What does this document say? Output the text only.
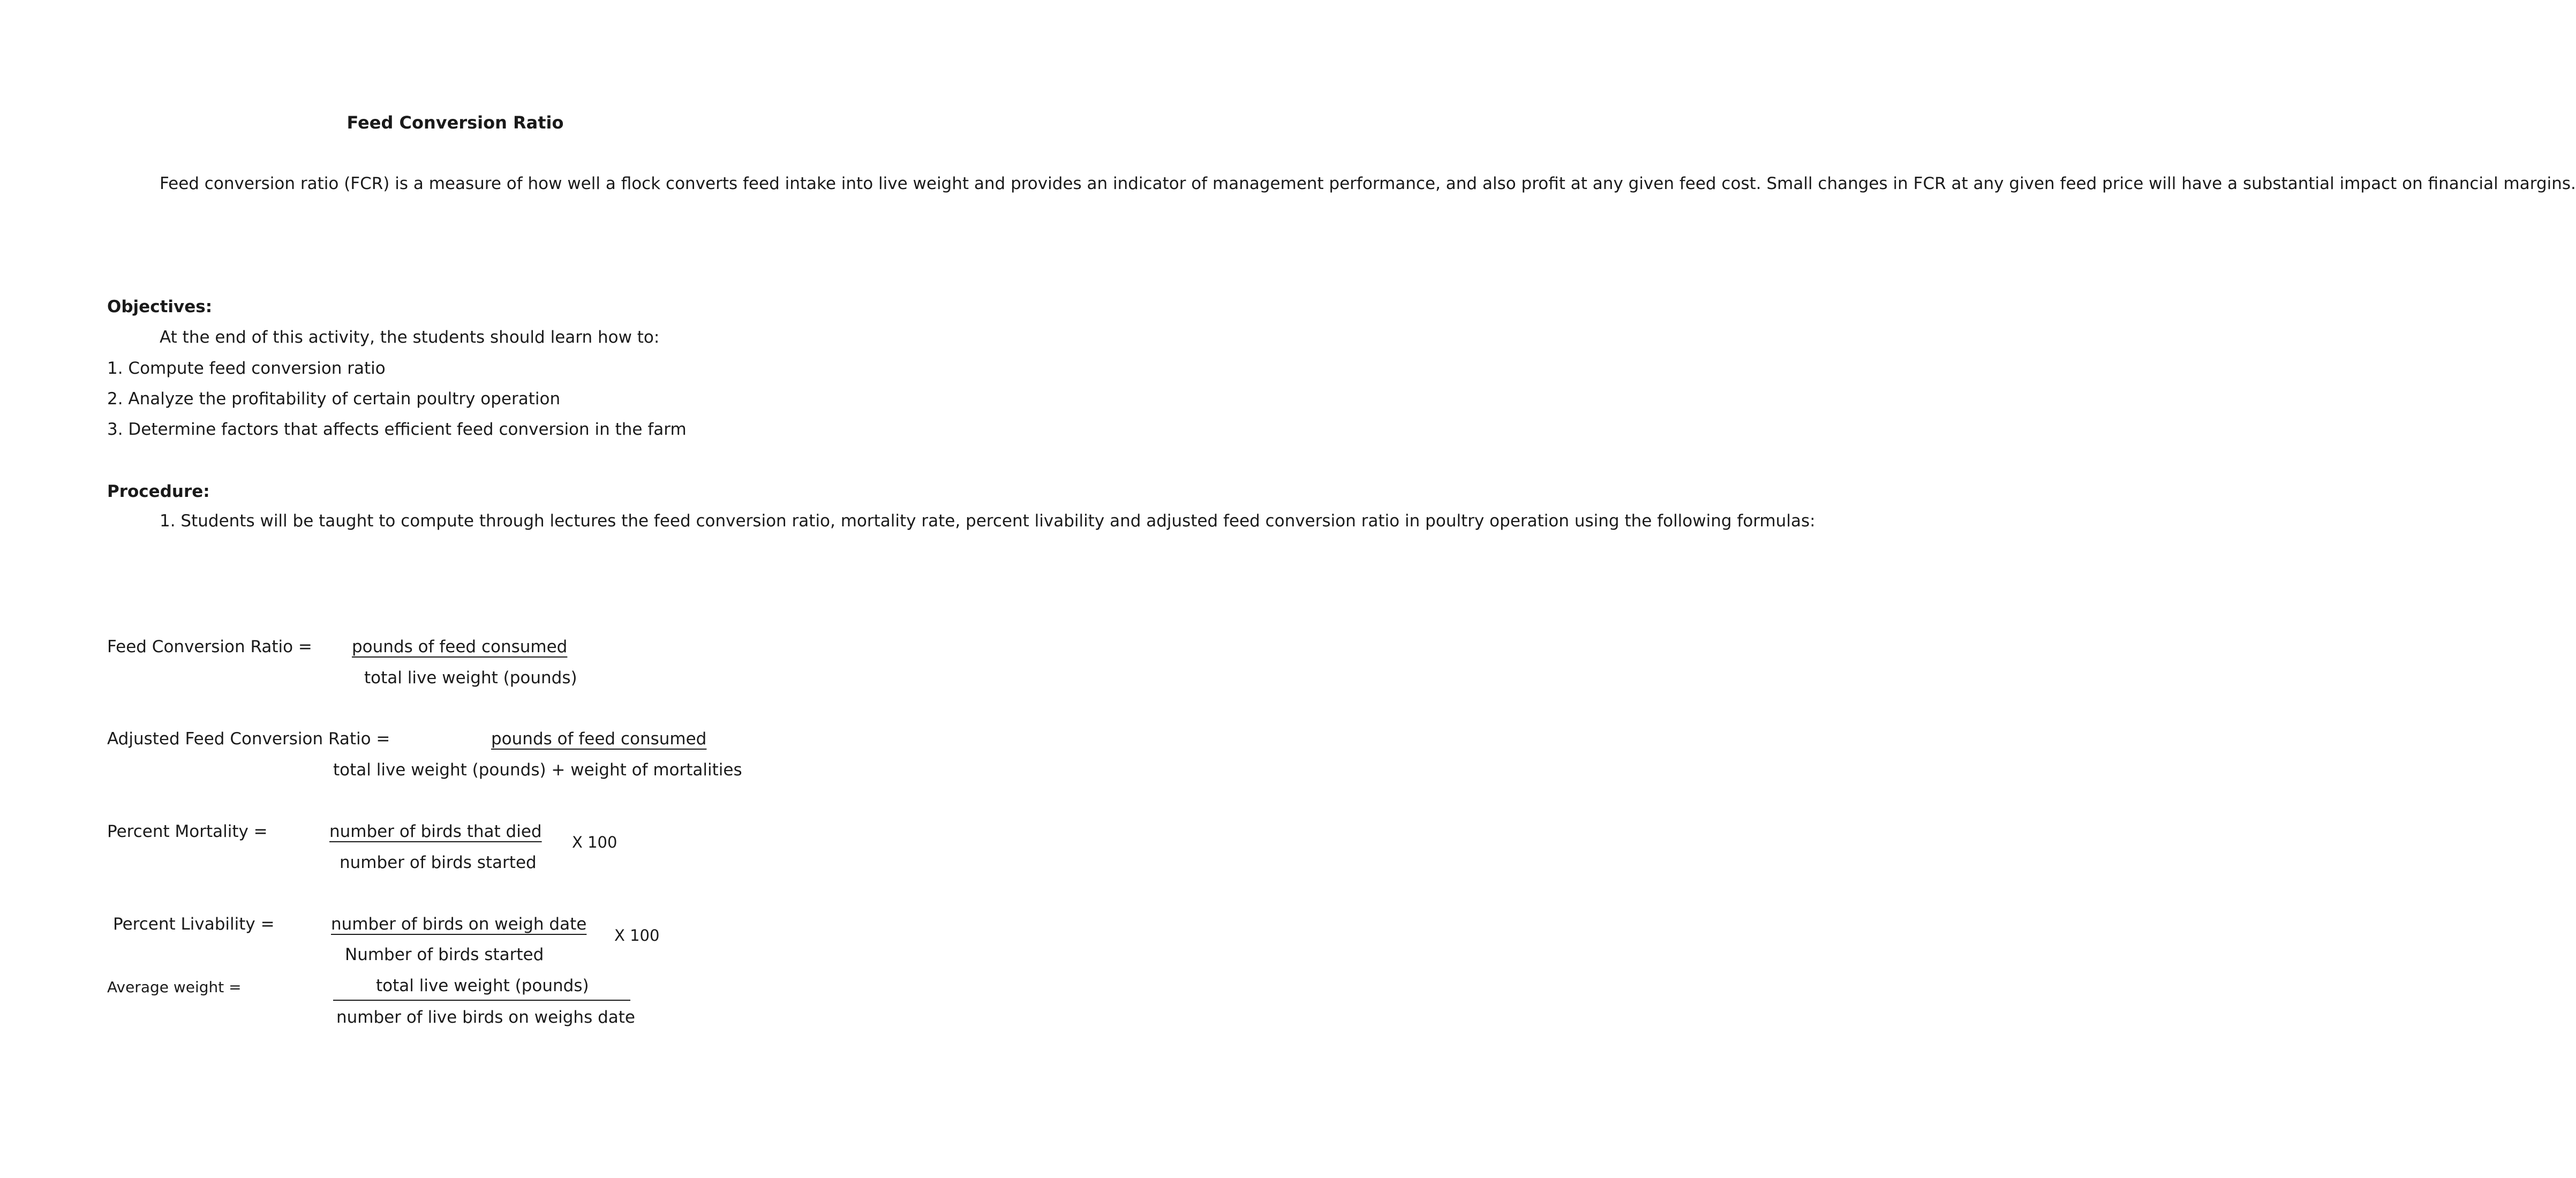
Feed Conversion Ratio
Feed conversion ratio (FCR) is a measure of how well a flock converts feed intake into live weight and provides an indicator of management performance, and also profit at any given feed cost. Small changes in FCR at any given feed price will have a substantial impact on financial margins.
Objectives:
At the end of this activity, the students should learn how to:
1. Compute feed conversion ratio
2. Analyze the profitability of certain poultry operation
3. Determine factors that affects efficient feed conversion in the farm
Procedure:
1. Students will be taught to compute through lectures the feed conversion ratio, mortality rate, percent livability and adjusted feed conversion ratio in poultry operation using the following formulas:
Feed Conversion Ratio = pounds of feed consumed
total live weight (pounds)
Adjusted Feed Conversion Ratio =	pounds of feed consumed
total live weight (pounds) + weight of mortalities
Percent Mortality =	number of birds that died
number of birds started
X 100
Percent Livability =	number of birds on weigh date
Number of birds started
X 100
Average weight =	total live weight (pounds)
number of live birds on weighs date
